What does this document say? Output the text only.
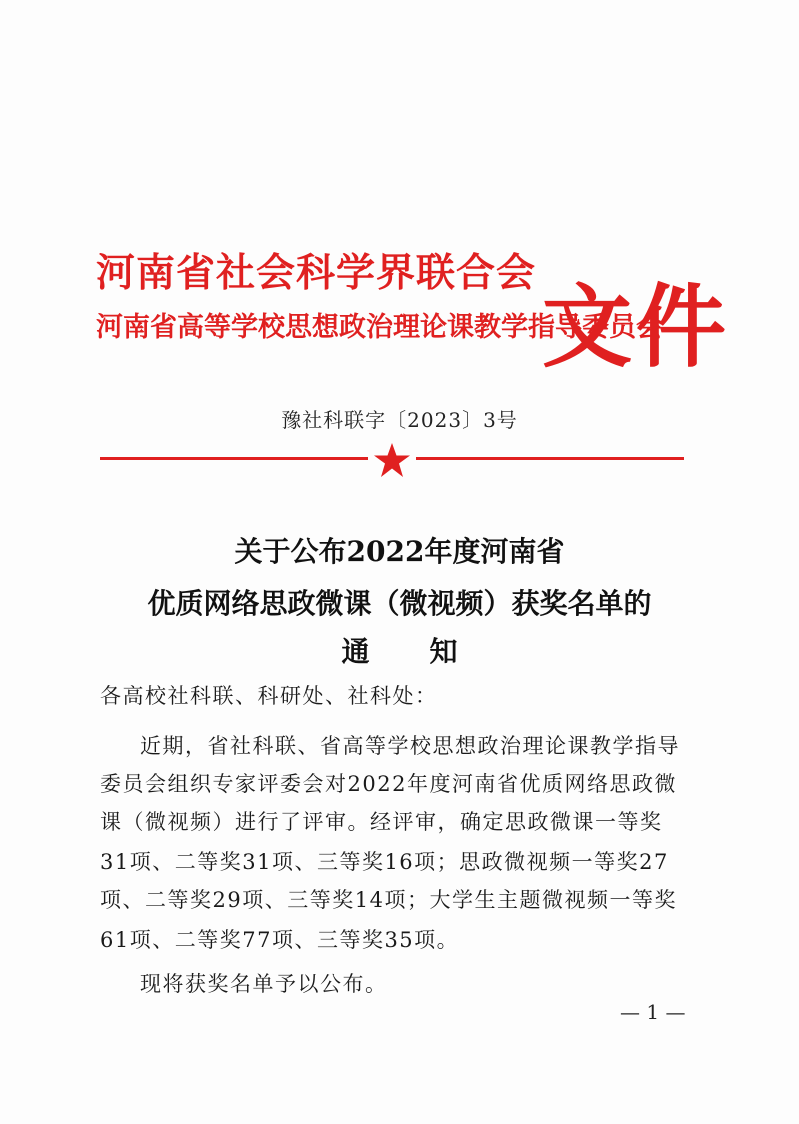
河南省社会科学界联合会
河南省高等学校思想政治理论课教学指导委员会
文件
豫社科联字〔2023〕3号
关于公布2022年度河南省
优质网络思政微课（微视频）获奖名单的
通知
各高校社科联、科研处、社科处：
近期，省社科联、省高等学校思想政治理论课教学指导
委员会组织专家评委会对2022年度河南省优质网络思政微
课（微视频）进行了评审。经评审，确定思政微课一等奖
31项、二等奖31项、三等奖16项；思政微视频一等奖27
项、二等奖29项、三等奖14项；大学生主题微视频一等奖
61项、二等奖77项、三等奖35项。
现将获奖名单予以公布。
— 1 —
